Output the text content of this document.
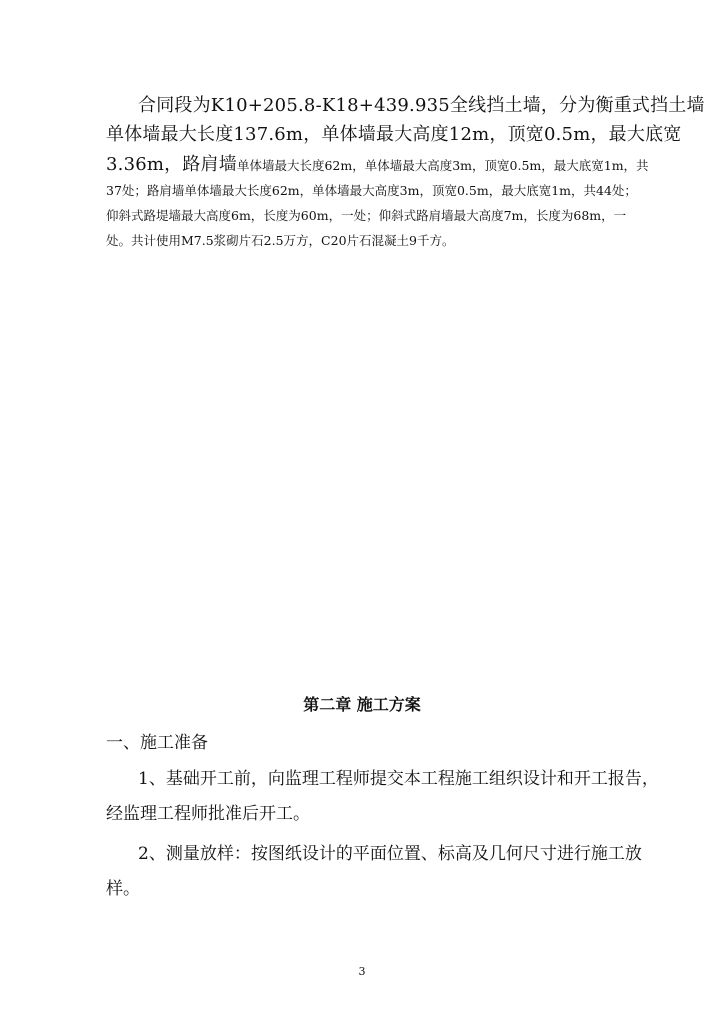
合同段为K10+205.8-K18+439.935全线挡土墙，分为衡重式挡土墙
单体墙最大长度137.6m，单体墙最大高度12m，顶宽0.5m，最大底宽
3.36m，路肩墙单体墙最大长度62m，单体墙最大高度3m，顶宽0.5m，最大底宽1m，共
37处；路肩墙单体墙最大长度62m，单体墙最大高度3m，顶宽0.5m，最大底宽1m，共44处；
仰斜式路堤墙最大高度6m，长度为60m，一处；仰斜式路肩墙最大高度7m，长度为68m，一
处。共计使用M7.5浆砌片石2.5万方，C20片石混凝土9千方。
第二章 施工方案
一、施工准备
1、基础开工前，向监理工程师提交本工程施工组织设计和开工报告，
经监理工程师批准后开工。
2、测量放样：按图纸设计的平面位置、标高及几何尺寸进行施工放
样。
3
